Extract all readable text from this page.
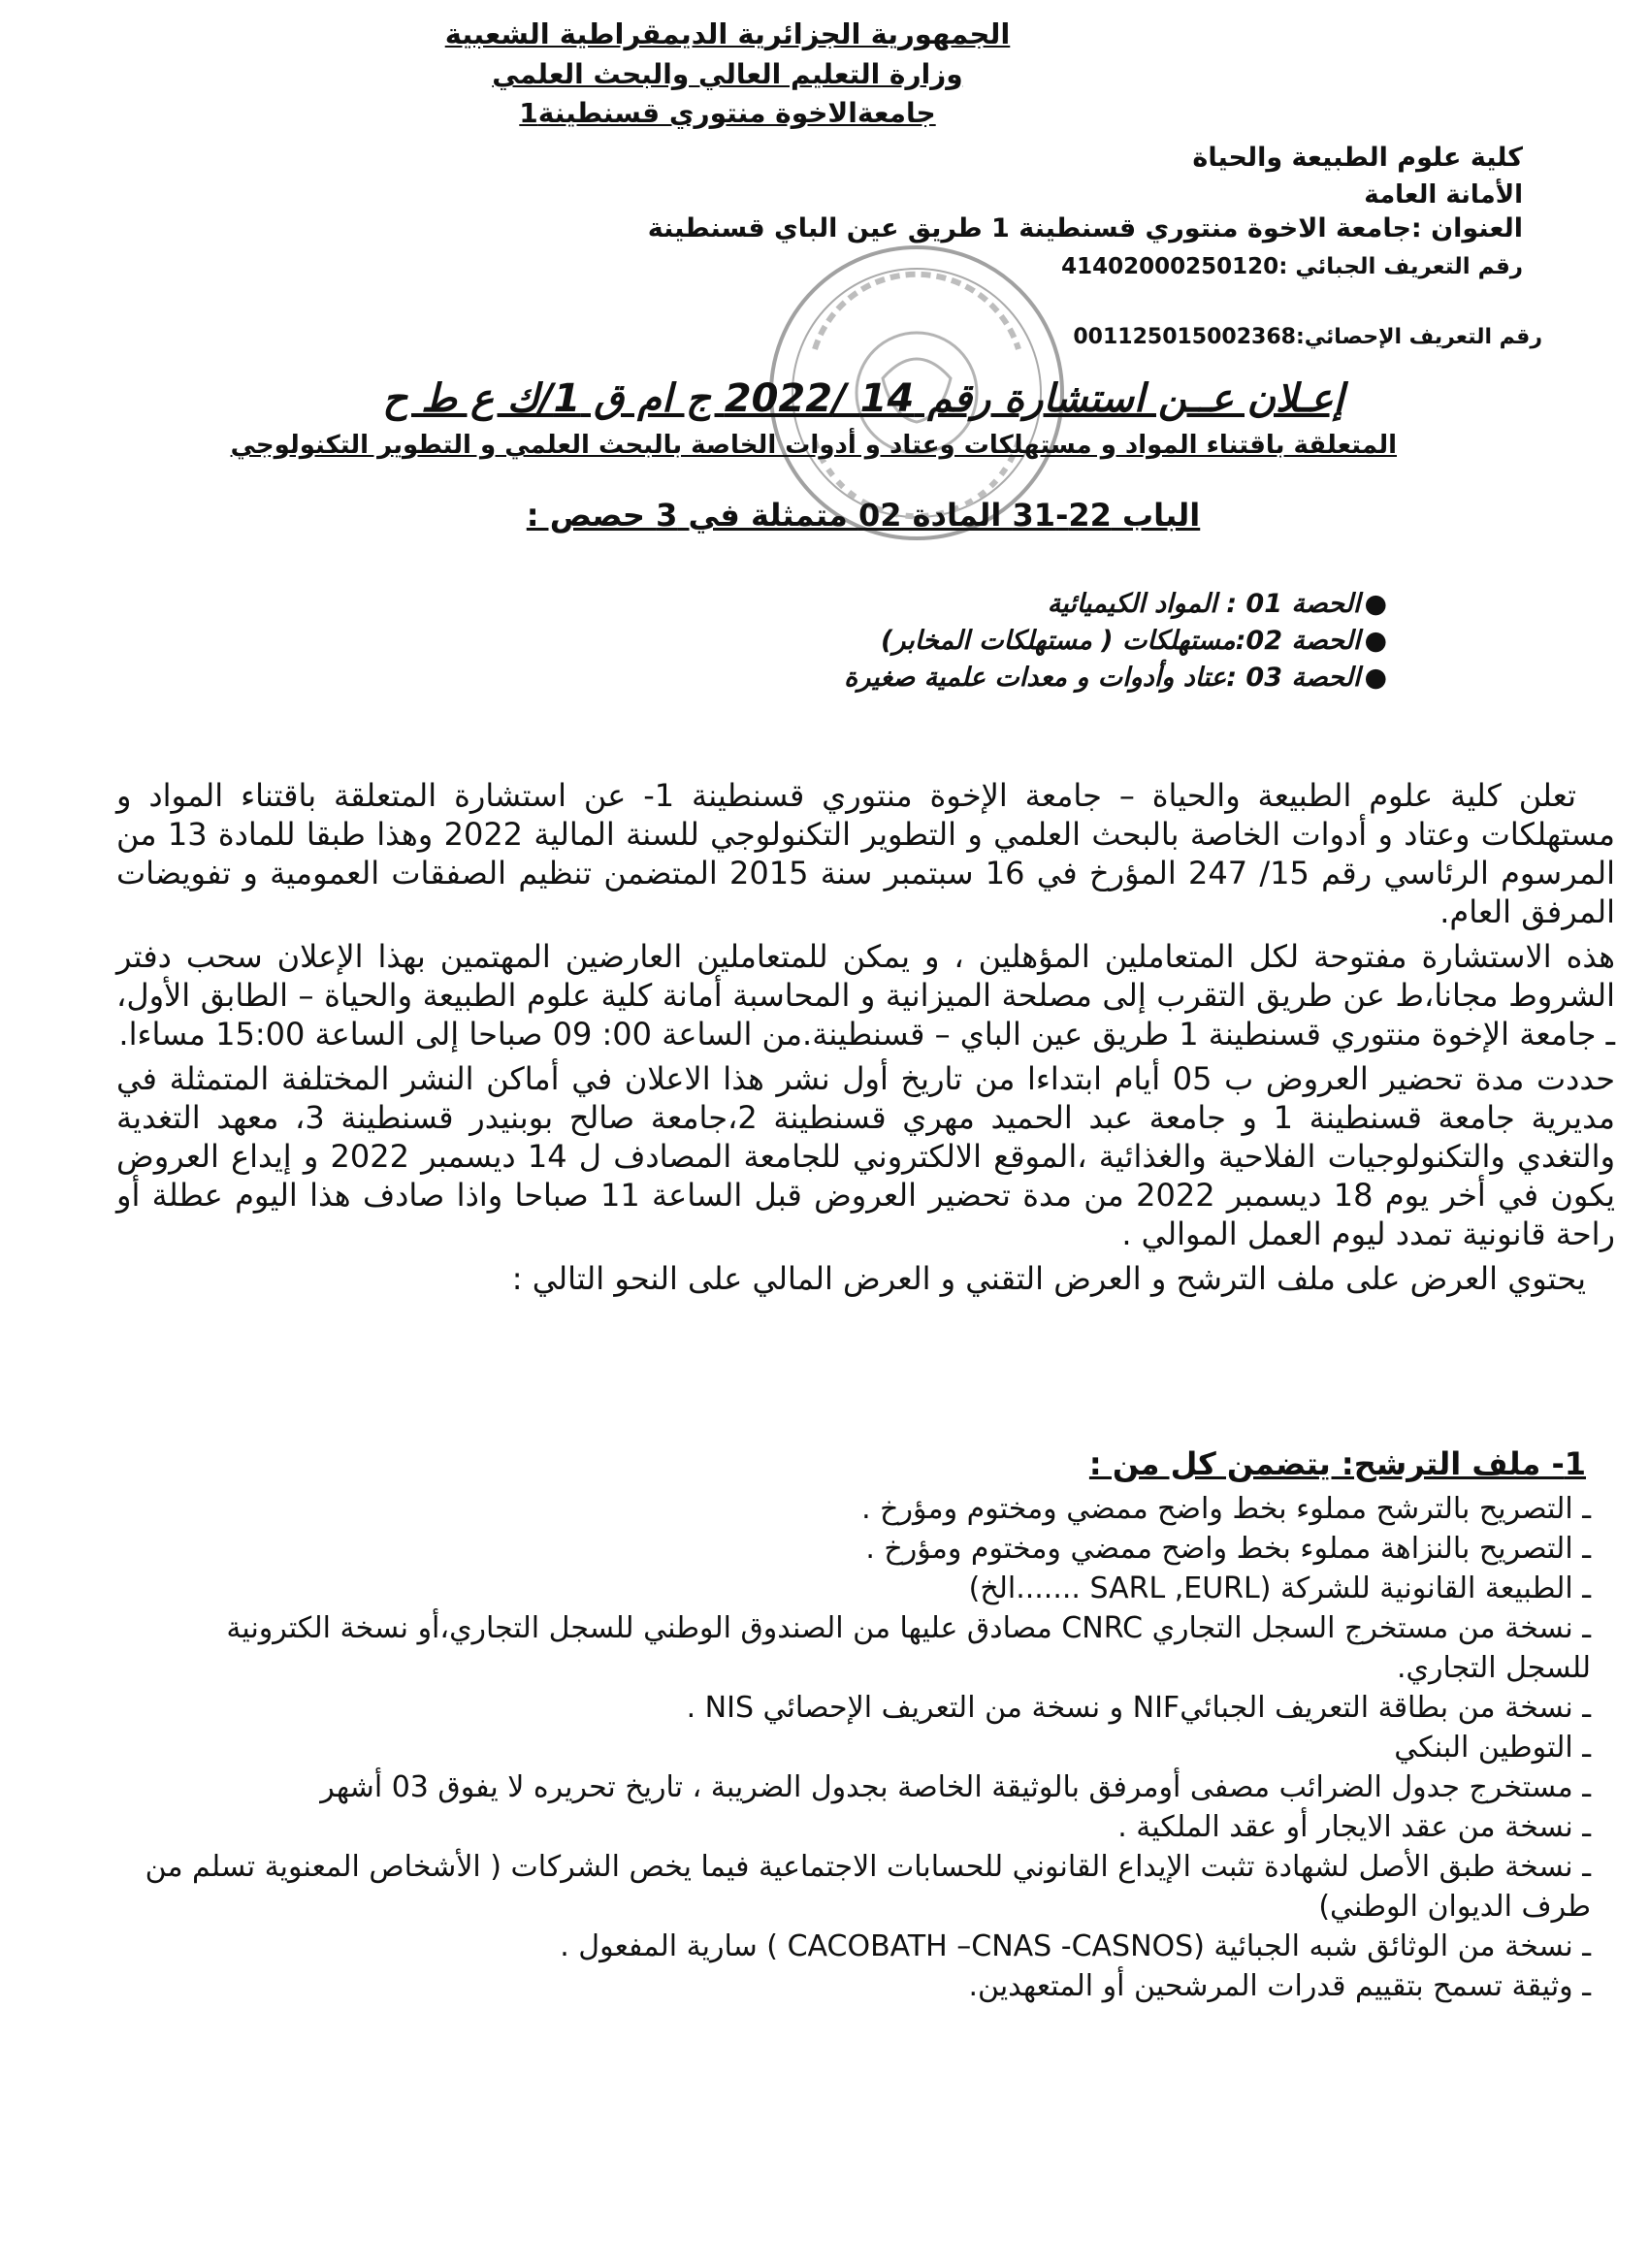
الجمهورية الجزائرية الديمقراطية الشعبية
وزارة التعليم العالي والبحث العلمي
جامعةالاخوة منتوري قسنطينة1
كلية علوم الطبيعة والحياة
الأمانة العامة
العنوان :جامعة الاخوة منتوري قسنطينة 1 طريق عين الباي قسنطينة
رقم التعريف الجبائي :41402000250120
رقم التعريف الإحصائي:001125015002368
إعـلان عــن استشارة رقم 14 /2022 ج ام ق 1/ك ع ط ح
المتعلقة باقتناء المواد و مستهلكات وعتاد و أدوات الخاصة بالبحث العلمي و التطوير التكنولوجي
الباب 22-31 المادة 02 متمثلة في 3 حصص :
●الحصة 01 : المواد الكيميائية
●الحصة 02:مستهلكات ( مستهلكات المخابر)
●الحصة 03 :عتاد وأدوات و معدات علمية صغيرة

تعلن كلية علوم الطبيعة والحياة – جامعة الإخوة منتوري قسنطينة 1- عن استشارة المتعلقة باقتناء المواد و مستهلكات وعتاد و أدوات الخاصة بالبحث العلمي و التطوير التكنولوجي للسنة المالية 2022 وهذا طبقا للمادة 13 من المرسوم الرئاسي رقم 15/ 247 المؤرخ في 16 سبتمبر سنة 2015 المتضمن تنظيم الصفقات العمومية و تفويضات المرفق العام.

هذه الاستشارة مفتوحة لكل المتعاملين المؤهلين ، و يمكن للمتعاملين العارضين المهتمين بهذا الإعلان سحب دفتر الشروط مجانا،ط عن طريق التقرب إلى مصلحة الميزانية و المحاسبة أمانة كلية علوم الطبيعة والحياة – الطابق الأول، ـ جامعة الإخوة منتوري قسنطينة 1 طريق عين الباي – قسنطينة.من الساعة 00: 09 صباحا إلى الساعة 15:00 مساءا.

حددت مدة تحضير العروض ب 05 أيام ابتداءا من تاريخ أول نشر هذا الاعلان في أماكن النشر المختلفة المتمثلة في مديرية جامعة قسنطينة 1 و جامعة عبد الحميد مهري قسنطينة 2،جامعة صالح بوبنيدر قسنطينة 3، معهد التغدية والتغدي والتكنولوجيات الفلاحية والغذائية ،الموقع الالكتروني للجامعة المصادف ل 14 ديسمبر 2022 و إيداع العروض يكون في أخر يوم 18 ديسمبر 2022 من مدة تحضير العروض قبل الساعة 11 صباحا واذا صادف هذا اليوم عطلة أو راحة قانونية تمدد ليوم العمل الموالي .

يحتوي العرض على ملف الترشح و العرض التقني و العرض المالي على النحو التالي :

1- ملف الترشح: يتضمن كل من :
ـ التصريح بالترشح مملوء بخط واضح ممضي ومختوم ومؤرخ .
ـ التصريح بالنزاهة مملوء بخط واضح ممضي ومختوم ومؤرخ .
ـ الطبيعة القانونية للشركة (SARL ,EURL .......الخ)
ـ نسخة من مستخرج السجل التجاري CNRC مصادق عليها من الصندوق الوطني للسجل التجاري،أو نسخة الكترونية للسجل التجاري.
ـ نسخة من بطاقة التعريف الجبائيNIF و نسخة من التعريف الإحصائي NIS .
ـ التوطين البنكي
ـ مستخرج جدول الضرائب مصفى أومرفق بالوثيقة الخاصة بجدول الضريبة ، تاريخ تحريره لا يفوق 03 أشهر
ـ نسخة من عقد الايجار أو عقد الملكية .
ـ نسخة طبق الأصل لشهادة تثبت الإيداع القانوني للحسابات الاجتماعية فيما يخص الشركات ( الأشخاص المعنوية تسلم من طرف الديوان الوطني)
ـ نسخة من الوثائق شبه الجبائية (CACOBATH –CNAS -CASNOS ) سارية المفعول .
ـ وثيقة تسمح بتقييم قدرات المرشحين أو المتعهدين.
